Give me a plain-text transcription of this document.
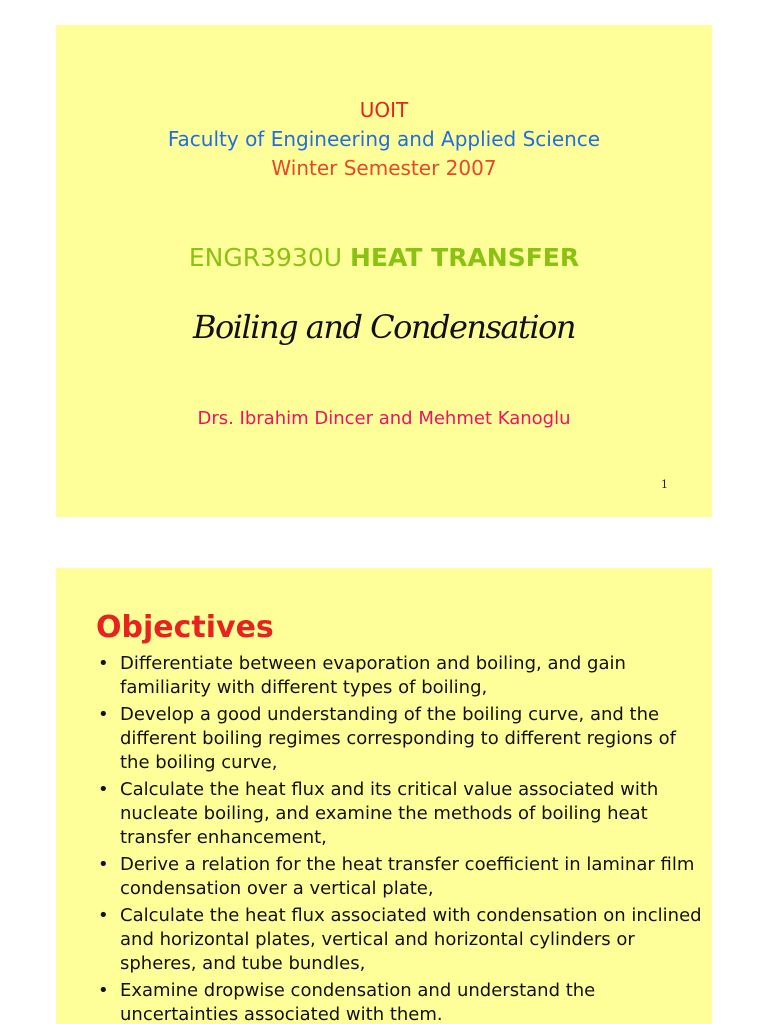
UOIT
Faculty of Engineering and Applied Science
Winter Semester 2007
ENGR3930U HEAT TRANSFER
Boiling and Condensation
Drs. Ibrahim Dincer and Mehmet Kanoglu
1
Objectives
• Differentiate between evaporation and boiling, and gain familiarity with different types of boiling,
• Develop a good understanding of the boiling curve, and the different boiling regimes corresponding to different regions of the boiling curve,
• Calculate the heat flux and its critical value associated with nucleate boiling, and examine the methods of boiling heat transfer enhancement,
• Derive a relation for the heat transfer coefficient in laminar film condensation over a vertical plate,
• Calculate the heat flux associated with condensation on inclined and horizontal plates, vertical and horizontal cylinders or spheres, and tube bundles,
• Examine dropwise condensation and understand the uncertainties associated with them.
